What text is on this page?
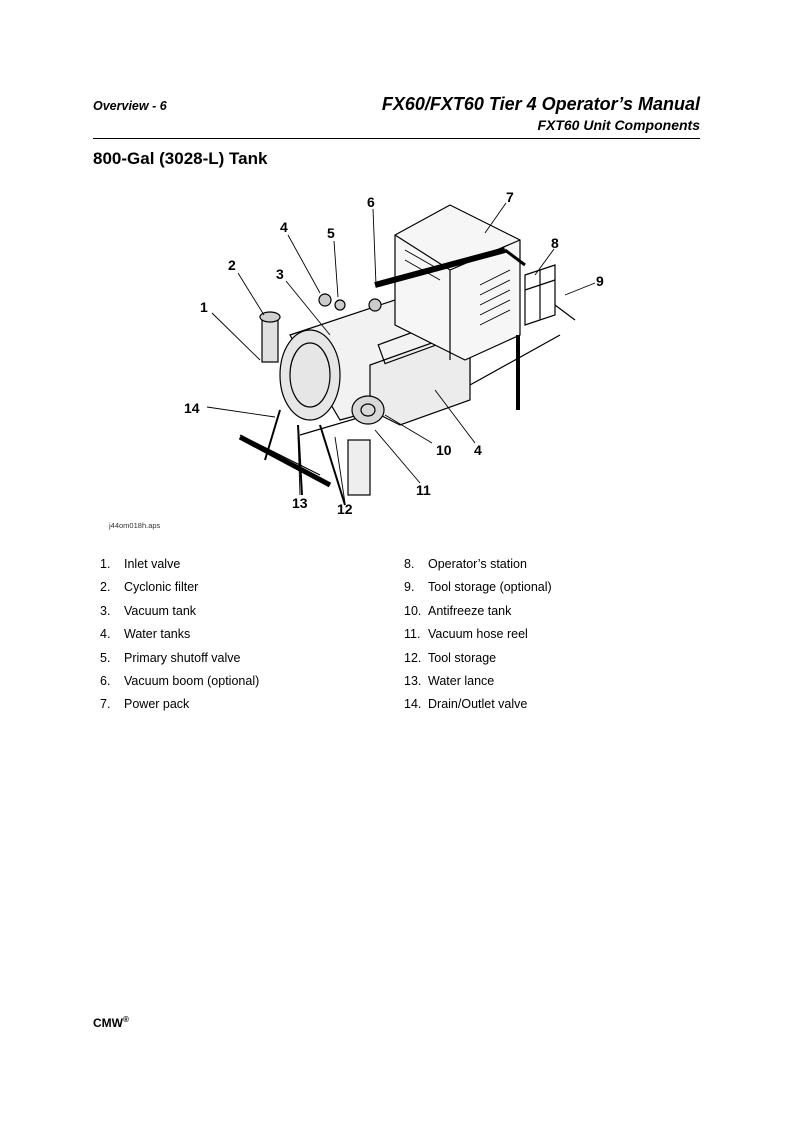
Overview - 6	FX60/FXT60 Tier 4 Operator’s Manual
FXT60 Unit Components
800-Gal (3028-L) Tank
1
2
3
4	5
6	7
8
9
10 4
11
12
13
14
j44om018h.aps
1. Inlet valve
2. Cyclonic filter
3. Vacuum tank
4. Water tanks
5. Primary shutoff valve
6. Vacuum boom (optional)
7. Power pack
8. Operator’s station
9. Tool storage (optional)
10. Antifreeze tank
11. Vacuum hose reel
12. Tool storage
13. Water lance
14. Drain/Outlet valve
CMW®
